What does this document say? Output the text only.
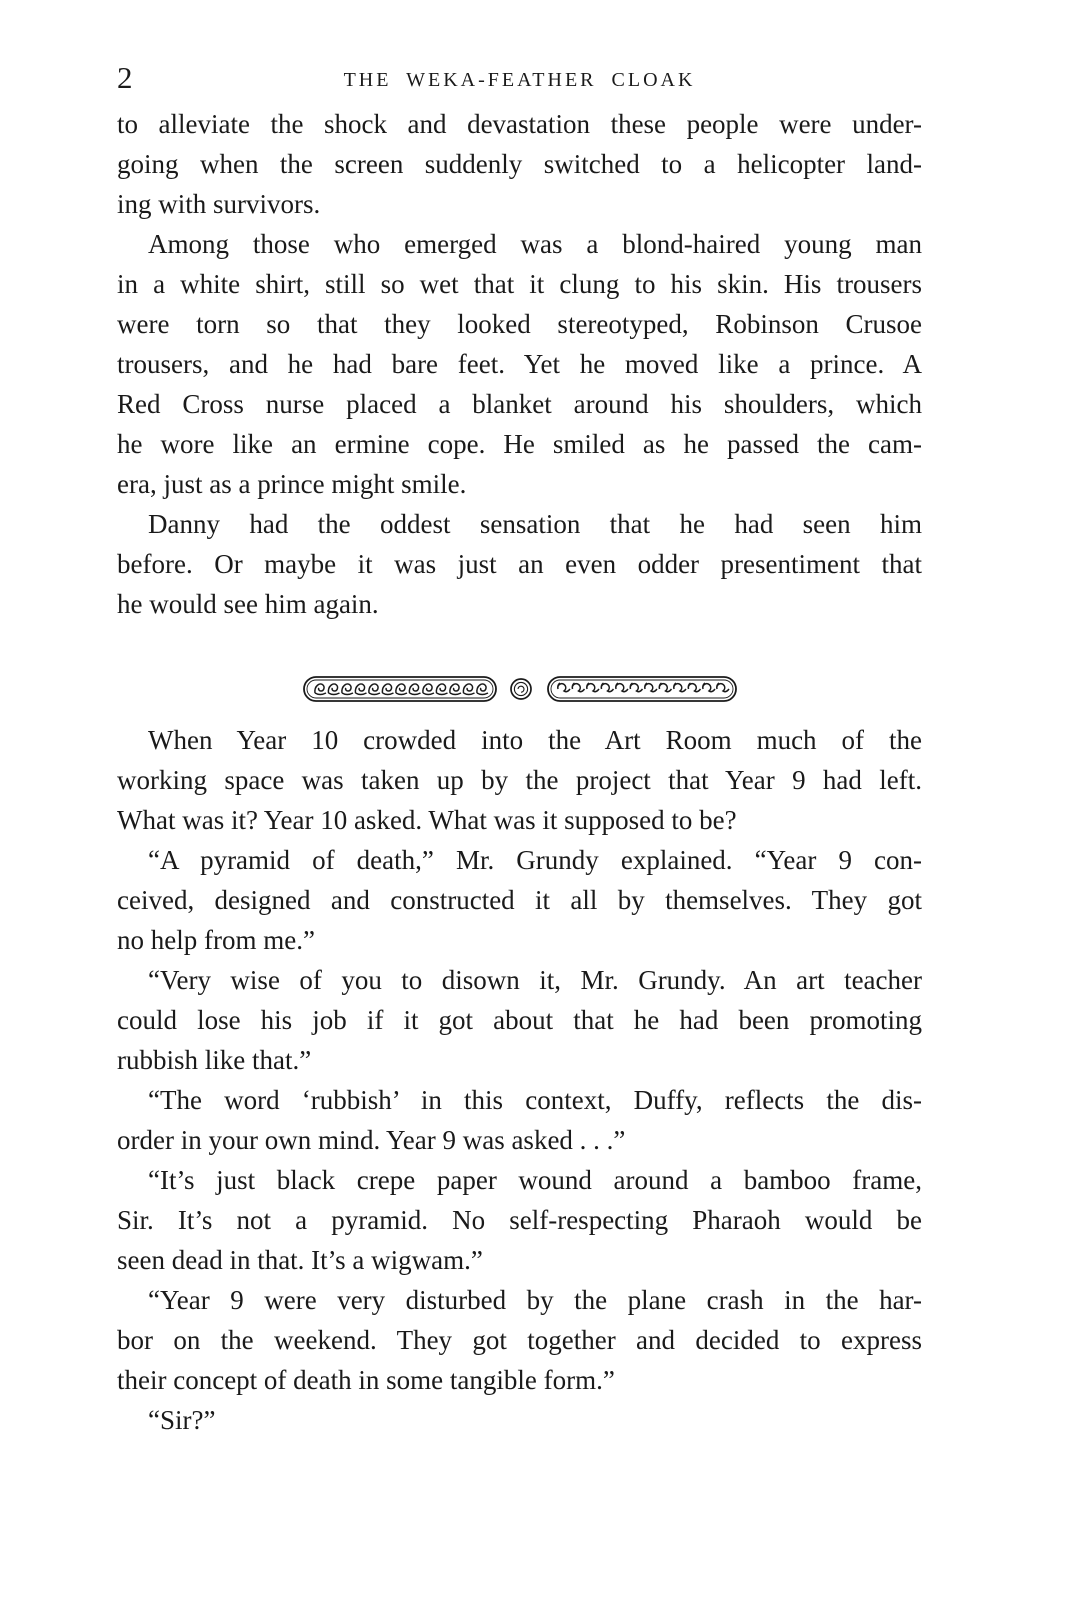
2	THE WEKA-FEATHER CLOAK
to alleviate the shock and devastation these people were under-
going when the screen suddenly switched to a helicopter land-
ing with survivors.
Among those who emerged was a blond-haired young man
in a white shirt, still so wet that it clung to his skin. His trousers
were torn so that they looked stereotyped, Robinson Crusoe
trousers, and he had bare feet. Yet he moved like a prince. A
Red Cross nurse placed a blanket around his shoulders, which
he wore like an ermine cope. He smiled as he passed the cam-
era, just as a prince might smile.
Danny had the oddest sensation that he had seen him
before. Or maybe it was just an even odder presentiment that
he would see him again.
When Year 10 crowded into the Art Room much of the
working space was taken up by the project that Year 9 had left.
What was it? Year 10 asked. What was it supposed to be?
“A pyramid of death,” Mr. Grundy explained. “Year 9 con-
ceived, designed and constructed it all by themselves. They got
no help from me.”
“Very wise of you to disown it, Mr. Grundy. An art teacher
could lose his job if it got about that he had been promoting
rubbish like that.”
“The word ‘rubbish’ in this context, Duffy, reflects the dis-
order in your own mind. Year 9 was asked . . .”
“It’s just black crepe paper wound around a bamboo frame,
Sir. It’s not a pyramid. No self-respecting Pharaoh would be
seen dead in that. It’s a wigwam.”
“Year 9 were very disturbed by the plane crash in the har-
bor on the weekend. They got together and decided to express
their concept of death in some tangible form.”
“Sir?”
